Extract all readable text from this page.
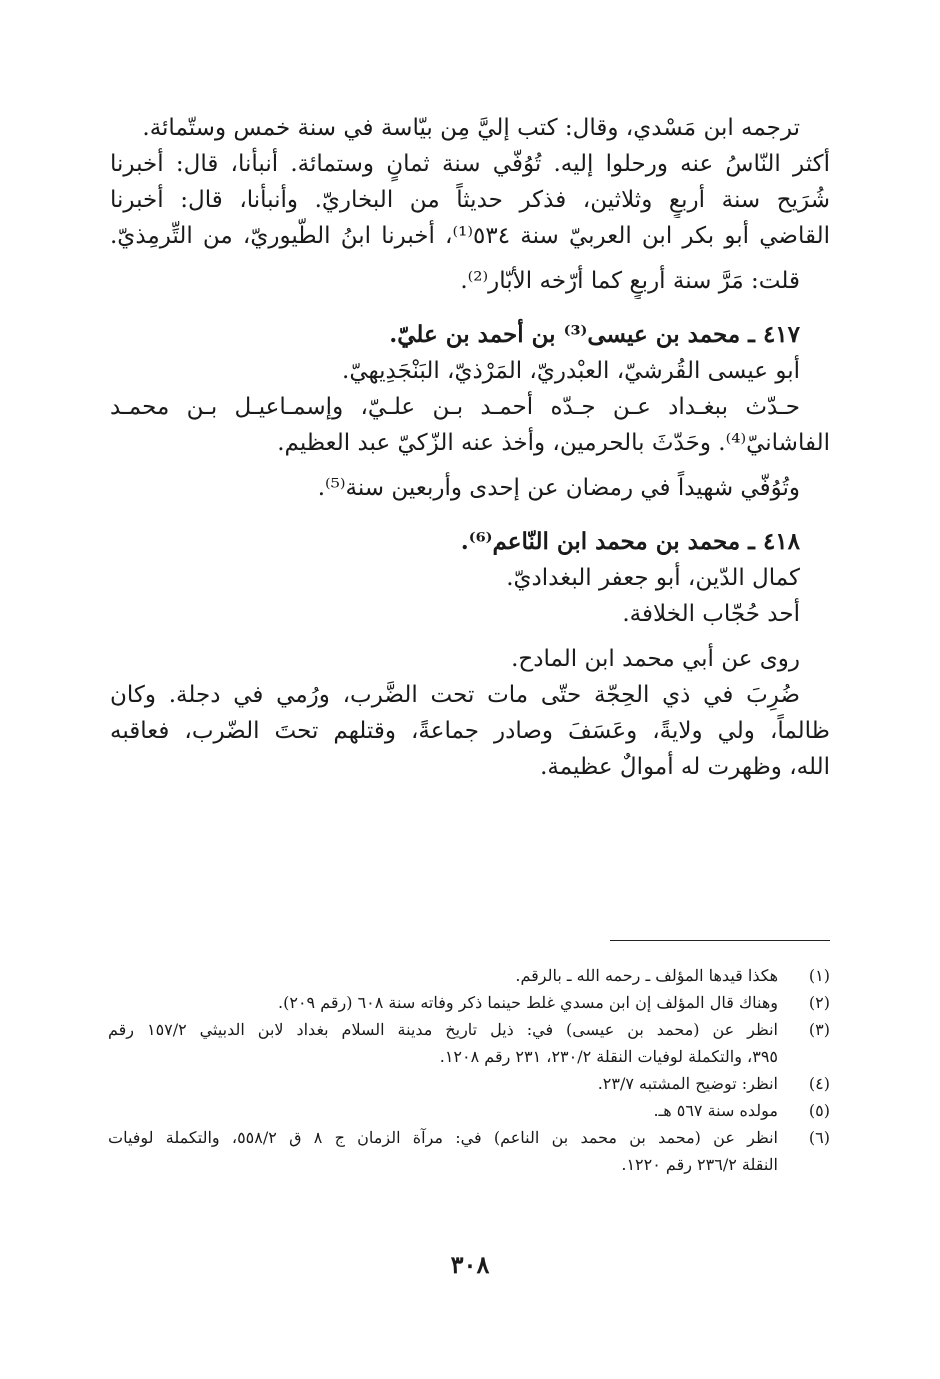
ترجمه ابن مَسْدي، وقال: كتب إليَّ مِن بيّاسة في سنة خمس وستّمائة.
أكثر النّاسُ عنه ورحلوا إليه. تُوُفّي سنة ثمانٍ وستمائة. أنبأنا، قال: أخبرنا
شُرَيح سنة أربعٍ وثلاثين، فذكر حديثاً من البخاريّ. وأنبأنا، قال: أخبرنا
القاضي أبو بكر ابن العربيّ سنة ٥٣٤⁽¹⁾، أخبرنا ابنُ الطُّيوريّ، من التِّرمِذيّ.
قلت: مَرَّ سنة أربعٍ كما أرّخه الأبّار⁽²⁾.
٤١٧ ـ محمد بن عيسى⁽³⁾ بن أحمد بن عليّ.
أبو عيسى القُرشيّ، العبْدريّ، المَرْذيّ، البَنْجَدِيهيّ.
حـدّث ببغـداد عـن جـدّه أحمـد بـن علـيّ، وإسمـاعيـل بـن محمـد
الفاشانيّ⁽⁴⁾. وحَدّثَ بالحرمين، وأخذ عنه الزّكيّ عبد العظيم.
وتُوُفّي شهيداً في رمضان عن إحدى وأربعين سنة⁽⁵⁾.
٤١٨ ـ محمد بن محمد ابن النّاعم⁽⁶⁾.
كمال الدّين، أبو جعفر البغداديّ.
أحد حُجّاب الخلافة.
روى عن أبي محمد ابن المادح.
ضُرِبَ في ذي الحِجّة حتّى مات تحت الضَّرب، ورُمي في دجلة. وكان
ظالماً، ولي ولايةً، وعَسَفَ وصادر جماعةً، وقتلهم تحتَ الضّرب، فعاقبه
الله، وظهرت له أموالٌ عظيمة.
(١)
هكذا قيدها المؤلف ـ رحمه الله ـ بالرقم.
(٢)
وهناك قال المؤلف إن ابن مسدي غلط حينما ذكر وفاته سنة ٦٠٨ (رقم ٢٠٩).
(٣)
انظر عن (محمد بن عيسى) في: ذيل تاريخ مدينة السلام بغداد لابن الدبيثي ١٥٧/٢ رقم
٣٩٥، والتكملة لوفيات النقلة ٢٣٠/٢، ٢٣١ رقم ١٢٠٨.
(٤)
انظر: توضيح المشتبه ٢٣/٧.
(٥)
مولده سنة ٥٦٧ هـ.
(٦)
انظر عن (محمد بن محمد بن الناعم) في: مرآة الزمان ج ٨ ق ٥٥٨/٢، والتكملة لوفيات
النقلة ٢٣٦/٢ رقم ١٢٢٠.
٣٠٨
